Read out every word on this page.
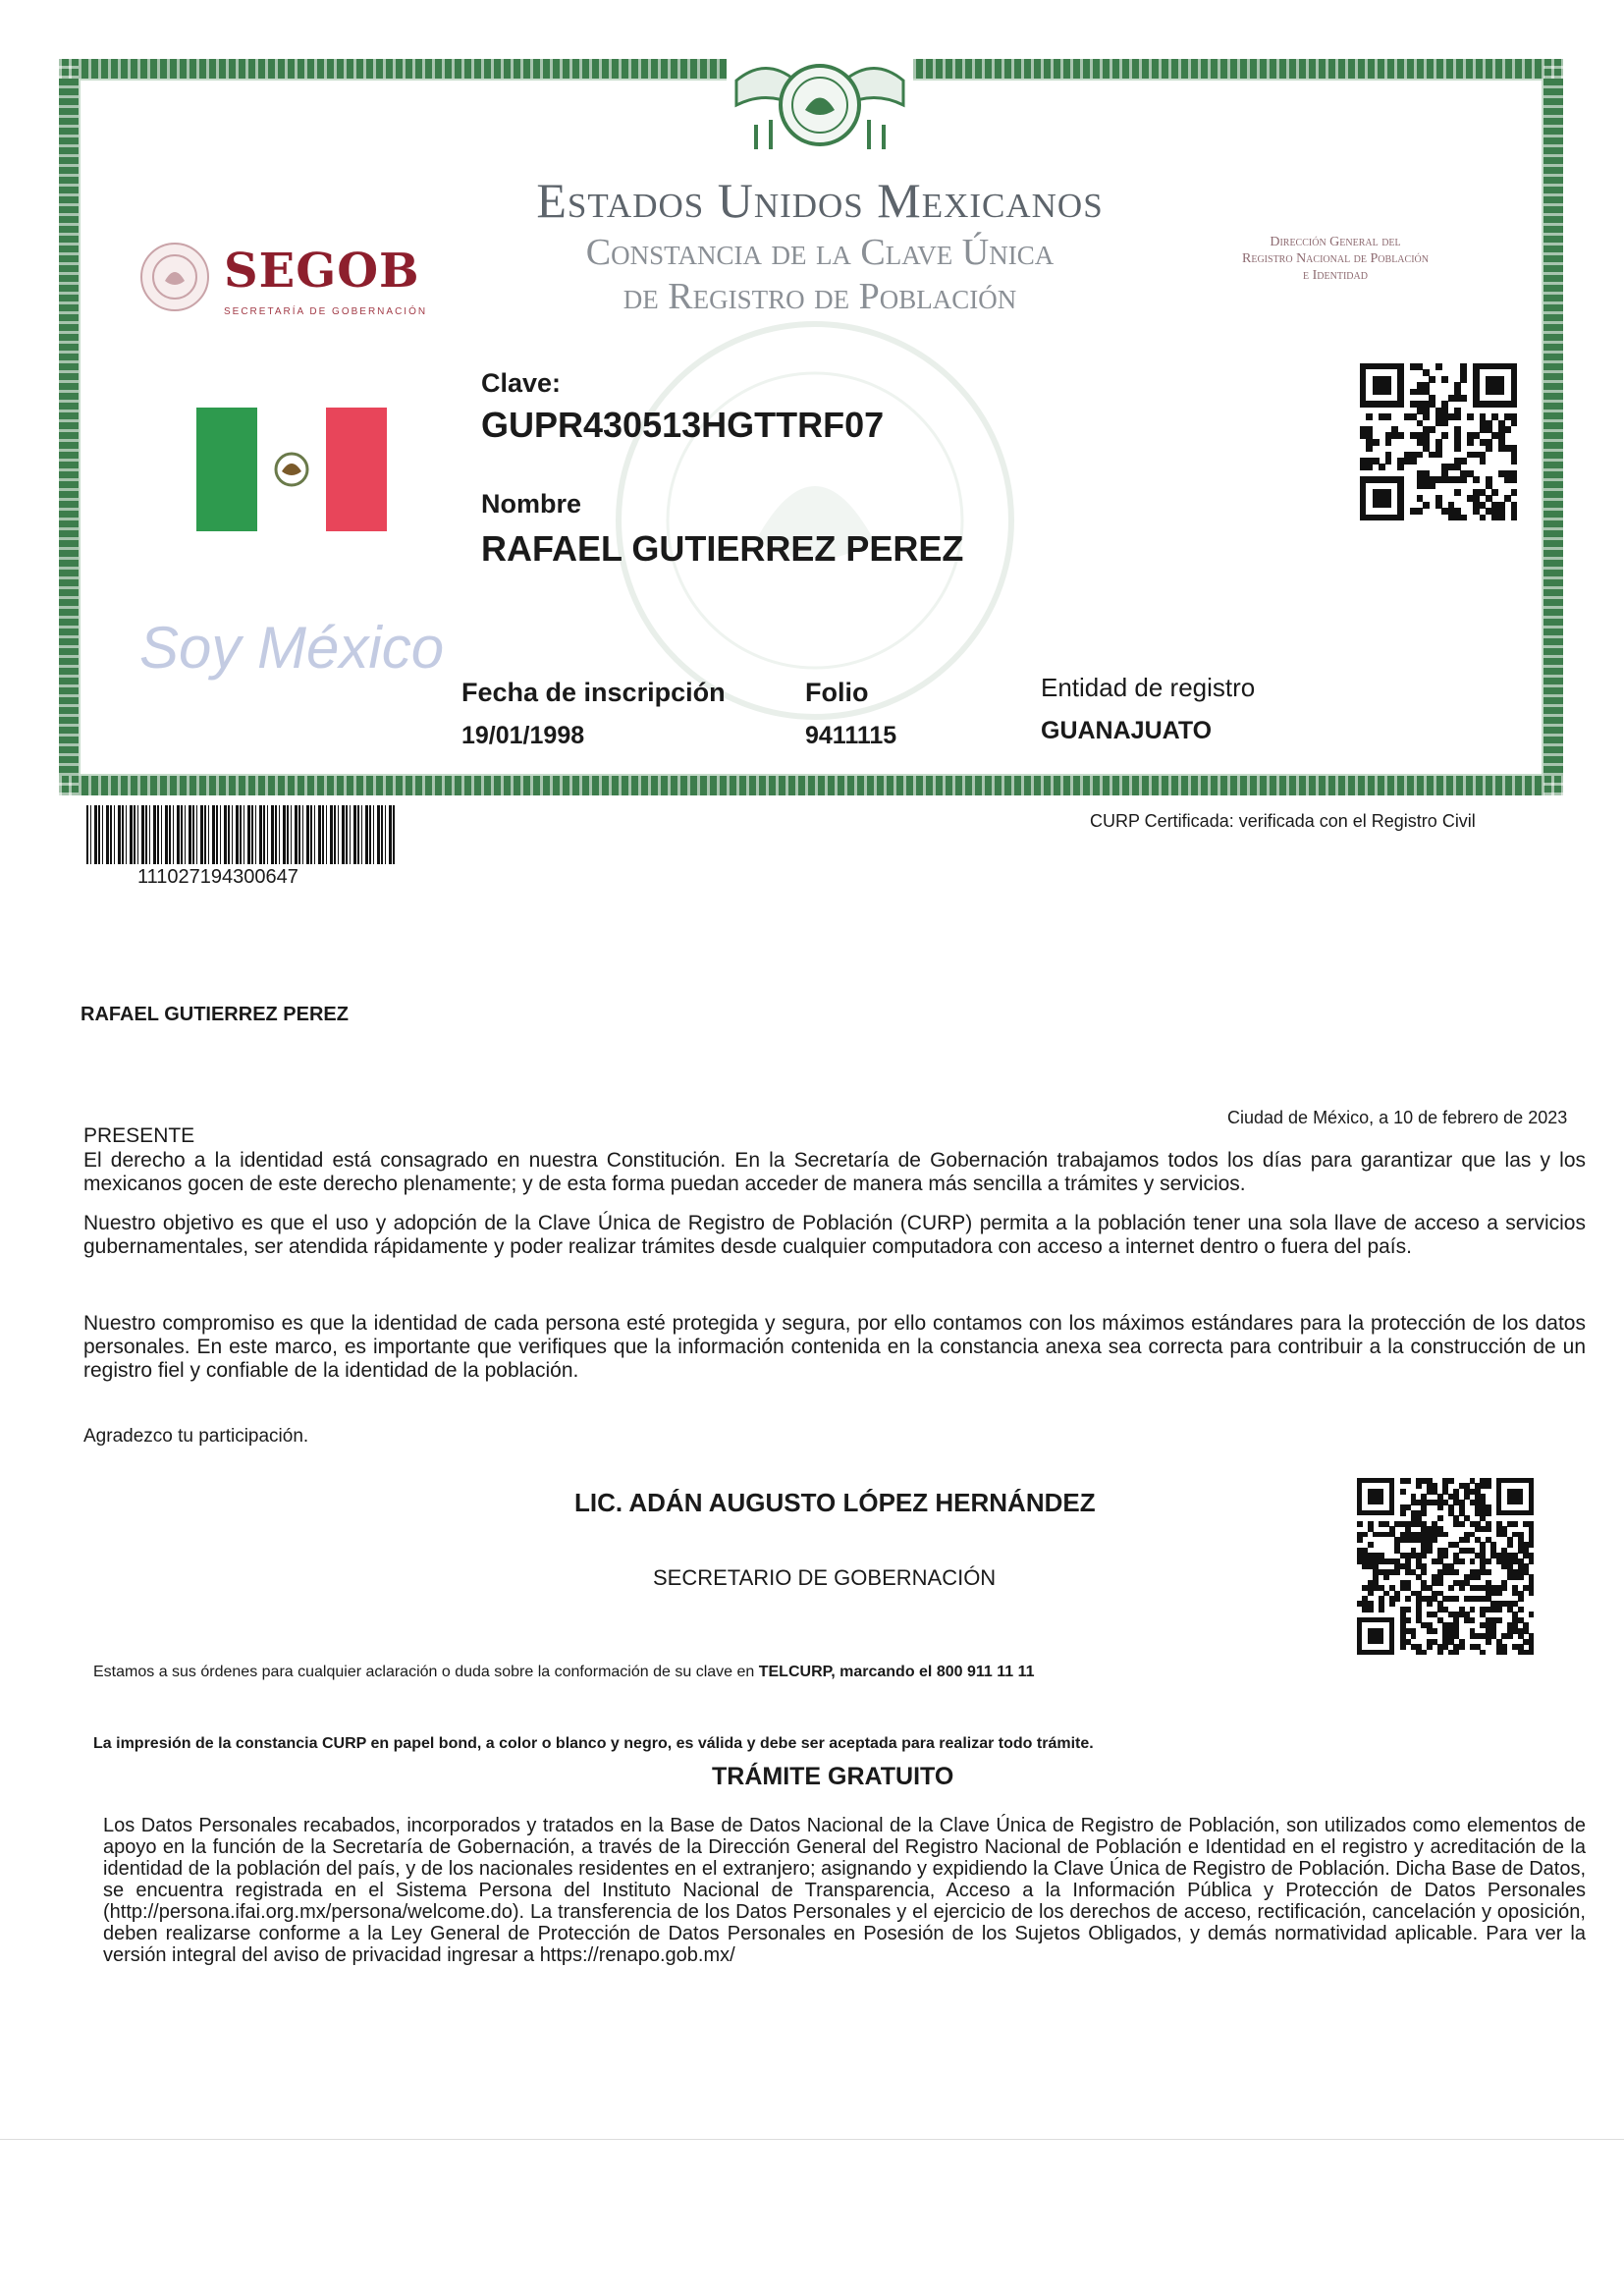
SEGOB
SECRETARÍA DE GOBERNACIÓN
Estados Unidos Mexicanos
Constancia de la Clave Única
de Registro de Población
Dirección General del
Registro Nacional de Población
e Identidad
Soy México
Clave:
GUPR430513HGTTRF07
Nombre
RAFAEL GUTIERREZ PEREZ
Fecha de inscripción
19/01/1998
Folio
9411115
Entidad de registro
GUANAJUATO
111027194300647
CURP Certificada: verificada con el Registro Civil
RAFAEL GUTIERREZ PEREZ
Ciudad de México, a 10 de febrero de 2023
PRESENTE
El derecho a la identidad está consagrado en nuestra Constitución. En la Secretaría de Gobernación trabajamos todos los días para garantizar que las y los mexicanos gocen de este derecho plenamente; y de esta forma puedan acceder de manera más sencilla a trámites y servicios.
Nuestro objetivo es que el uso y adopción de la Clave Única de Registro de Población (CURP) permita a la población tener una sola llave de acceso a servicios gubernamentales, ser atendida rápidamente y poder realizar trámites desde cualquier computadora con acceso a internet dentro o fuera del país.
Nuestro compromiso es que la identidad de cada persona esté protegida y segura, por ello contamos con los máximos estándares para la protección de los datos personales. En este marco, es importante que verifiques que la información contenida en la constancia anexa sea correcta para contribuir a la construcción de un registro fiel y confiable de la identidad de la población.
Agradezco tu participación.
LIC. ADÁN AUGUSTO LÓPEZ HERNÁNDEZ
SECRETARIO DE GOBERNACIÓN
Estamos a sus órdenes para cualquier aclaración o duda sobre la conformación de su clave en TELCURP, marcando el 800 911 11 11
La impresión de la constancia CURP en papel bond, a color o blanco y negro, es válida y debe ser aceptada para realizar todo trámite.
TRÁMITE GRATUITO
Los Datos Personales recabados, incorporados y tratados en la Base de Datos Nacional de la Clave Única de Registro de Población, son utilizados como elementos de apoyo en la función de la Secretaría de Gobernación, a través de la Dirección General del Registro Nacional de Población e Identidad en el registro y acreditación de la identidad de la población del país, y de los nacionales residentes en el extranjero; asignando y expidiendo la Clave Única de Registro de Población. Dicha Base de Datos, se encuentra registrada en el Sistema Persona del Instituto Nacional de Transparencia, Acceso a la Información Pública y Protección de Datos Personales (http://persona.ifai.org.mx/persona/welcome.do). La transferencia de los Datos Personales y el ejercicio de los derechos de acceso, rectificación, cancelación y oposición, deben realizarse conforme a la Ley General de Protección de Datos Personales en Posesión de los Sujetos Obligados, y demás normatividad aplicable. Para ver la versión integral del aviso de privacidad ingresar a https://renapo.gob.mx/
